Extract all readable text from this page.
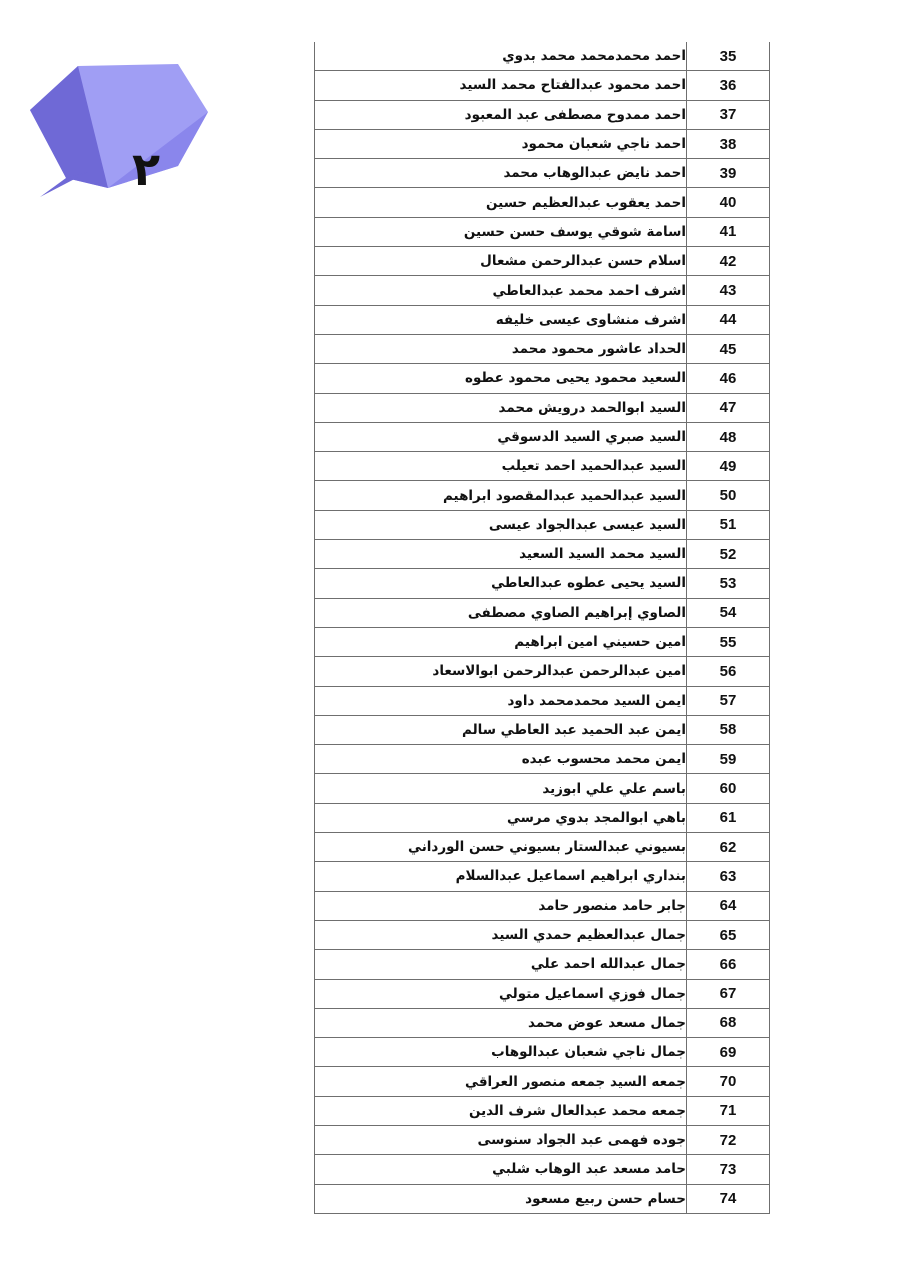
٢
35	احمد محمدمحمد محمد بدوي
36	احمد محمود عبدالفتاح محمد السيد
37	احمد ممدوح مصطفى عبد المعبود
38	احمد ناجي شعبان محمود
39	احمد نايض عبدالوهاب محمد
40	احمد يعقوب عبدالعظيم حسين
41	اسامة شوقي يوسف حسن حسين
42	اسلام حسن عبدالرحمن مشعال
43	اشرف احمد محمد عبدالعاطي
44	اشرف منشاوى عيسى خليفه
45	الحداد عاشور محمود محمد
46	السعيد محمود يحيى محمود عطوه
47	السيد ابوالحمد درويش محمد
48	السيد صبري السيد الدسوقي
49	السيد عبدالحميد احمد تعيلب
50	السيد عبدالحميد عبدالمقصود ابراهيم
51	السيد عيسى عبدالجواد عيسى
52	السيد محمد السيد السعيد
53	السيد يحيى عطوه عبدالعاطي
54	الصاوي إبراهيم الصاوي مصطفى
55	امين حسيني امين ابراهيم
56	امين عبدالرحمن عبدالرحمن ابوالاسعاد
57	ايمن السيد محمدمحمد داود
58	ايمن عبد الحميد عبد العاطي سالم
59	ايمن محمد محسوب عبده
60	باسم علي علي ابوزيد
61	باهي ابوالمجد بدوي مرسي
62	بسيوني عبدالستار بسيوني حسن الورداني
63	بنداري ابراهيم اسماعيل عبدالسلام
64	جابر حامد منصور حامد
65	جمال عبدالعظيم حمدي السيد
66	جمال عبدالله احمد علي
67	جمال فوزي اسماعيل متولي
68	جمال مسعد عوض محمد
69	جمال ناجي شعبان عبدالوهاب
70	جمعه السيد جمعه منصور العراقي
71	جمعه محمد عبدالعال شرف الدين
72	جوده فهمى عبد الجواد سنوسى
73	حامد مسعد عبد الوهاب شلبي
74	حسام حسن ربيع مسعود
